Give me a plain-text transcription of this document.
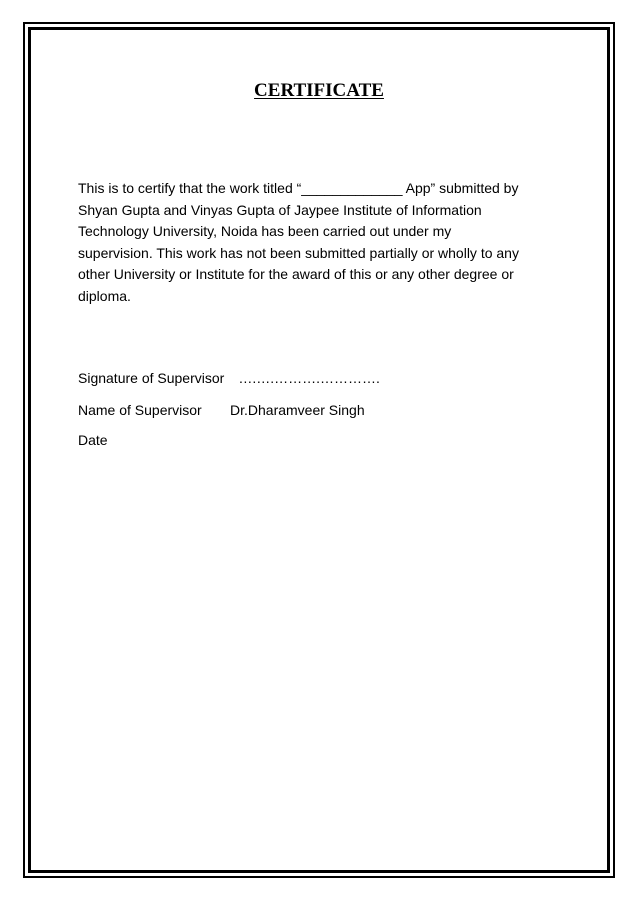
CERTIFICATE

This is to certify that the work titled “_____________ App” submitted by
Shyan Gupta and Vinyas Gupta of Jaypee Institute of Information
Technology University, Noida has been carried out under my
supervision. This work has not been submitted partially or wholly to any
other University or Institute for the award of this or any other degree or
diploma.

Signature of Supervisor ….….……….………….
Name of Supervisor Dr.Dharamveer Singh
Date
